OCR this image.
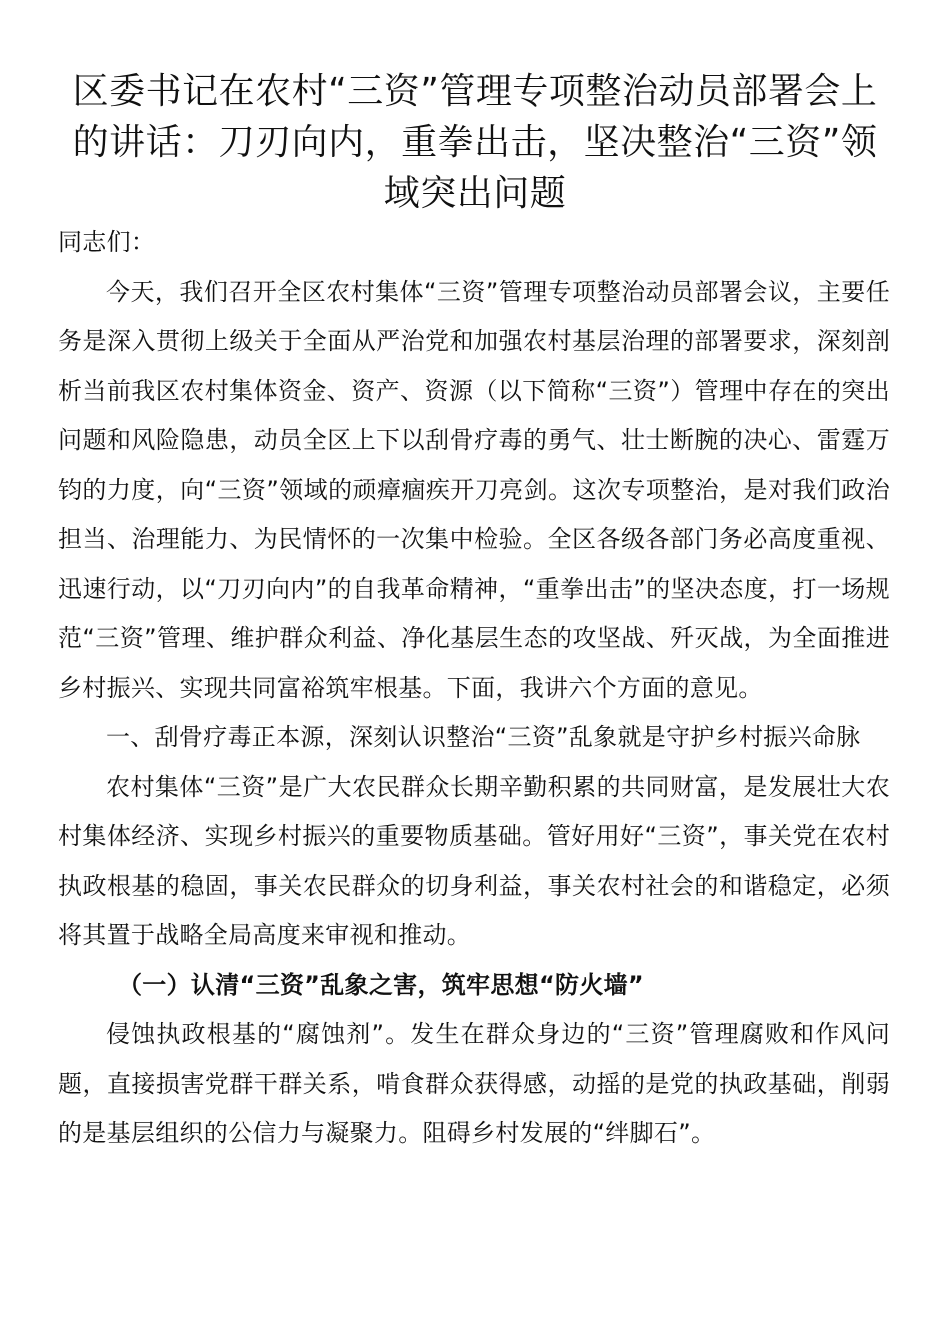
区委书记在农村“三资”管理专项整治动员部署会上的讲话：刀刃向内，重拳出击，坚决整治“三资”领域突出问题

同志们：

今天，我们召开全区农村集体“三资”管理专项整治动员部署会议，主要任务是深入贯彻上级关于全面从严治党和加强农村基层治理的部署要求，深刻剖析当前我区农村集体资金、资产、资源（以下简称“三资”）管理中存在的突出问题和风险隐患，动员全区上下以刮骨疗毒的勇气、壮士断腕的决心、雷霆万钧的力度，向“三资”领域的顽瘴痼疾开刀亮剑。这次专项整治，是对我们政治担当、治理能力、为民情怀的一次集中检验。全区各级各部门务必高度重视、迅速行动，以“刀刃向内”的自我革命精神，“重拳出击”的坚决态度，打一场规范“三资”管理、维护群众利益、净化基层生态的攻坚战、歼灭战，为全面推进乡村振兴、实现共同富裕筑牢根基。下面，我讲六个方面的意见。

一、刮骨疗毒正本源，深刻认识整治“三资”乱象就是守护乡村振兴命脉

农村集体“三资”是广大农民群众长期辛勤积累的共同财富，是发展壮大农村集体经济、实现乡村振兴的重要物质基础。管好用好“三资”，事关党在农村执政根基的稳固，事关农民群众的切身利益，事关农村社会的和谐稳定，必须将其置于战略全局高度来审视和推动。

（一）认清“三资”乱象之害，筑牢思想“防火墙”

侵蚀执政根基的“腐蚀剂”。发生在群众身边的“三资”管理腐败和作风问题，直接损害党群干群关系，啃食群众获得感，动摇的是党的执政基础，削弱的是基层组织的公信力与凝聚力。阻碍乡村发展的“绊脚石”。
